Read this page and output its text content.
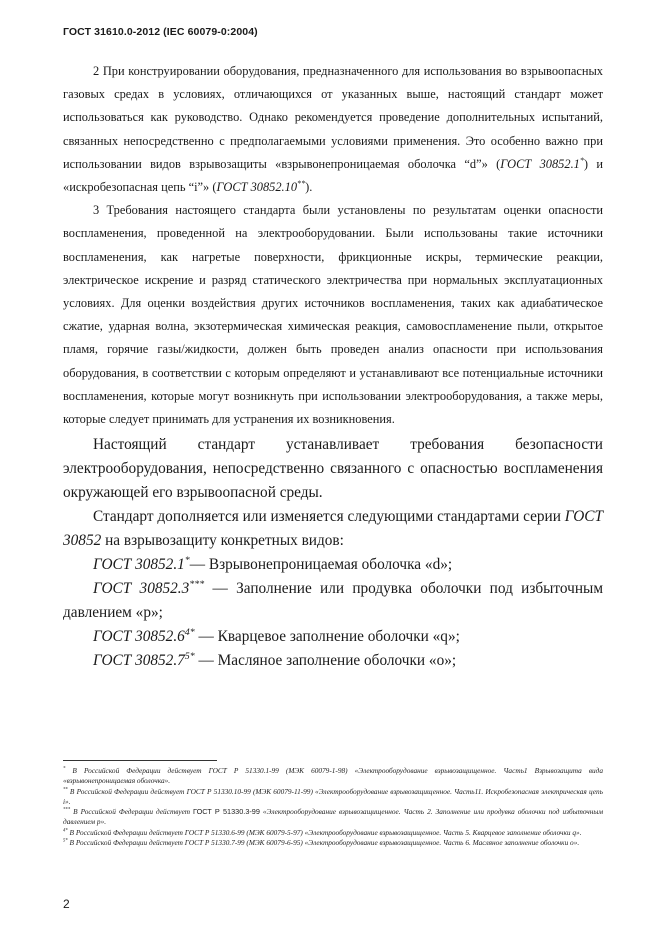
ГОСТ 31610.0-2012 (IEC 60079-0:2004)

2 При конструировании оборудования, предназначенного для использования во взрывоопасных газовых средах в условиях, отличающихся от указанных выше, настоящий стандарт может использоваться как руководство. Однако рекомендуется проведение дополнительных испытаний, связанных непосредственно с предполагаемыми условиями применения. Это особенно важно при использовании видов взрывозащиты «взрывонепроницаемая оболочка “d”» (ГОСТ 30852.1*) и «искробезопасная цепь “i”» (ГОСТ 30852.10**).

3 Требования настоящего стандарта были установлены по результатам оценки опасности воспламенения, проведенной на электрооборудовании. Были использованы такие источники воспламенения, как нагретые поверхности, фрикционные искры, термические реакции, электрическое искрение и разряд статического электричества при нормальных эксплуатационных условиях. Для оценки воздействия других источников воспламенения, таких как адиабатическое сжатие, ударная волна, экзотермическая химическая реакция, самовоспламенение пыли, открытое пламя, горячие газы/жидкости, должен быть проведен анализ опасности при использования оборудования, в соответствии с которым определяют и устанавливают все потенциальные источники воспламенения, которые могут возникнуть при использовании электрооборудования, а также меры, которые следует принимать для устранения их возникновения.

Настоящий стандарт устанавливает требования безопасности электрооборудования, непосредственно связанного с опасностью воспламенения окружающей его взрывоопасной среды.

Стандарт дополняется или изменяется следующими стандартами серии ГОСТ 30852 на взрывозащиту конкретных видов:

ГОСТ 30852.1*— Взрывонепроницаемая оболочка «d»;

ГОСТ 30852.3*** — Заполнение или продувка оболочки под избыточным давлением «р»;

ГОСТ $30852.6^{4*}$ — Кварцевое заполнение оболочки «q»;

ГОСТ $30852.7^{5*}$ — Масляное заполнение оболочки «о»;

* В Российской Федерации действует ГОСТ Р 51330.1-99 (МЭК 60079-1-98) «Электрооборудование взрывозащищенное. Часть1 Взрывозащита вида «взрывонепроницаемая оболочка».

** В Российской Федерации действует ГОСТ Р 51330.10-99 (МЭК 60079-11-99) «Электрооборудование взрывозащищенное. Часть11. Искробезопасная электрическая цепь i».

*** В Российской Федерации действует ГОСТ Р 51330.3-99 «Электрооборудование взрывозащищенное. Часть 2. Заполнение или продувка оболочки под избыточным давлением р».

$^{4*}$ В Российской Федерации действует ГОСТ Р 51330.6-99 (МЭК 60079-5-97) «Электрооборудование взрывозащищенное. Часть 5. Кварцевое заполнение оболочки q».

$^{5*}$ В Российской Федерации действует ГОСТ Р 51330.7-99 (МЭК 60079-6-95) «Электрооборудование взрывозащищенное. Часть 6. Масляное заполнение оболочки о».

2
